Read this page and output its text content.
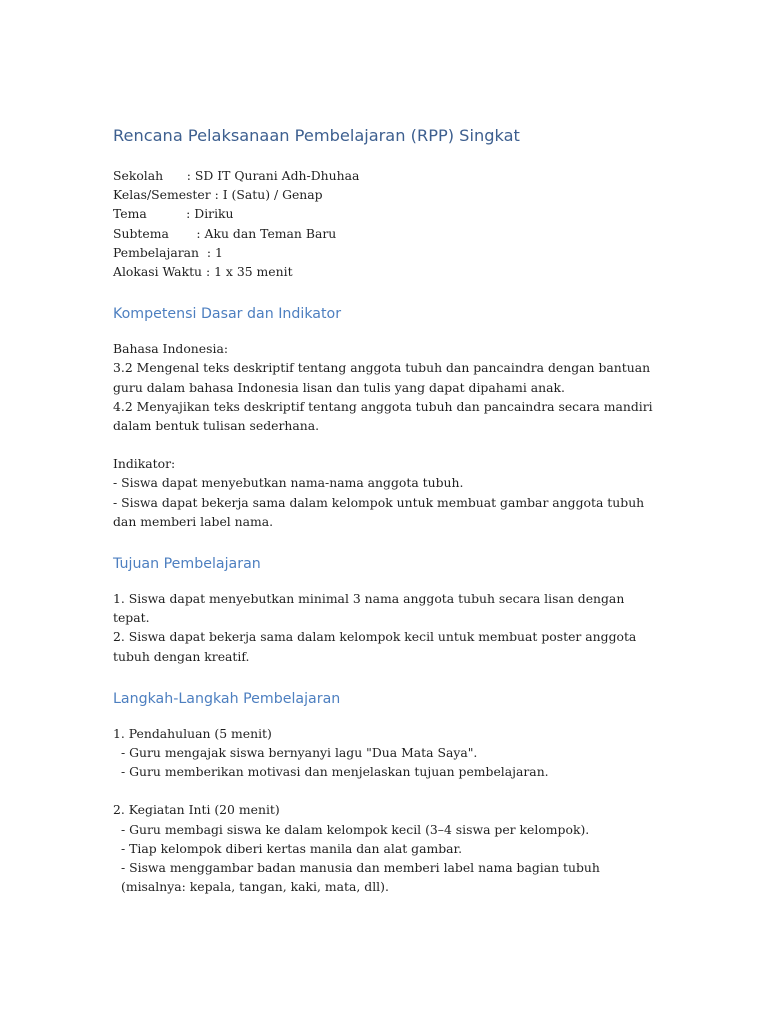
Rencana Pelaksanaan Pembelajaran (RPP) Singkat
Sekolah      : SD IT Qurani Adh-Dhuhaa
Kelas/Semester : I (Satu) / Genap
Tema          : Diriku
Subtema       : Aku dan Teman Baru
Pembelajaran  : 1
Alokasi Waktu : 1 x 35 menit
Kompetensi Dasar dan Indikator
Bahasa Indonesia:
3.2 Mengenal teks deskriptif tentang anggota tubuh dan pancaindra dengan bantuan guru dalam bahasa Indonesia lisan dan tulis yang dapat dipahami anak.
4.2 Menyajikan teks deskriptif tentang anggota tubuh dan pancaindra secara mandiri dalam bentuk tulisan sederhana.
Indikator:
- Siswa dapat menyebutkan nama-nama anggota tubuh.
- Siswa dapat bekerja sama dalam kelompok untuk membuat gambar anggota tubuh dan memberi label nama.
Tujuan Pembelajaran
1. Siswa dapat menyebutkan minimal 3 nama anggota tubuh secara lisan dengan tepat.
2. Siswa dapat bekerja sama dalam kelompok kecil untuk membuat poster anggota tubuh dengan kreatif.
Langkah-Langkah Pembelajaran
1. Pendahuluan (5 menit)
- Guru mengajak siswa bernyanyi lagu "Dua Mata Saya".
- Guru memberikan motivasi dan menjelaskan tujuan pembelajaran.
2. Kegiatan Inti (20 menit)
- Guru membagi siswa ke dalam kelompok kecil (3–4 siswa per kelompok).
- Tiap kelompok diberi kertas manila dan alat gambar.
- Siswa menggambar badan manusia dan memberi label nama bagian tubuh (misalnya: kepala, tangan, kaki, mata, dll).
